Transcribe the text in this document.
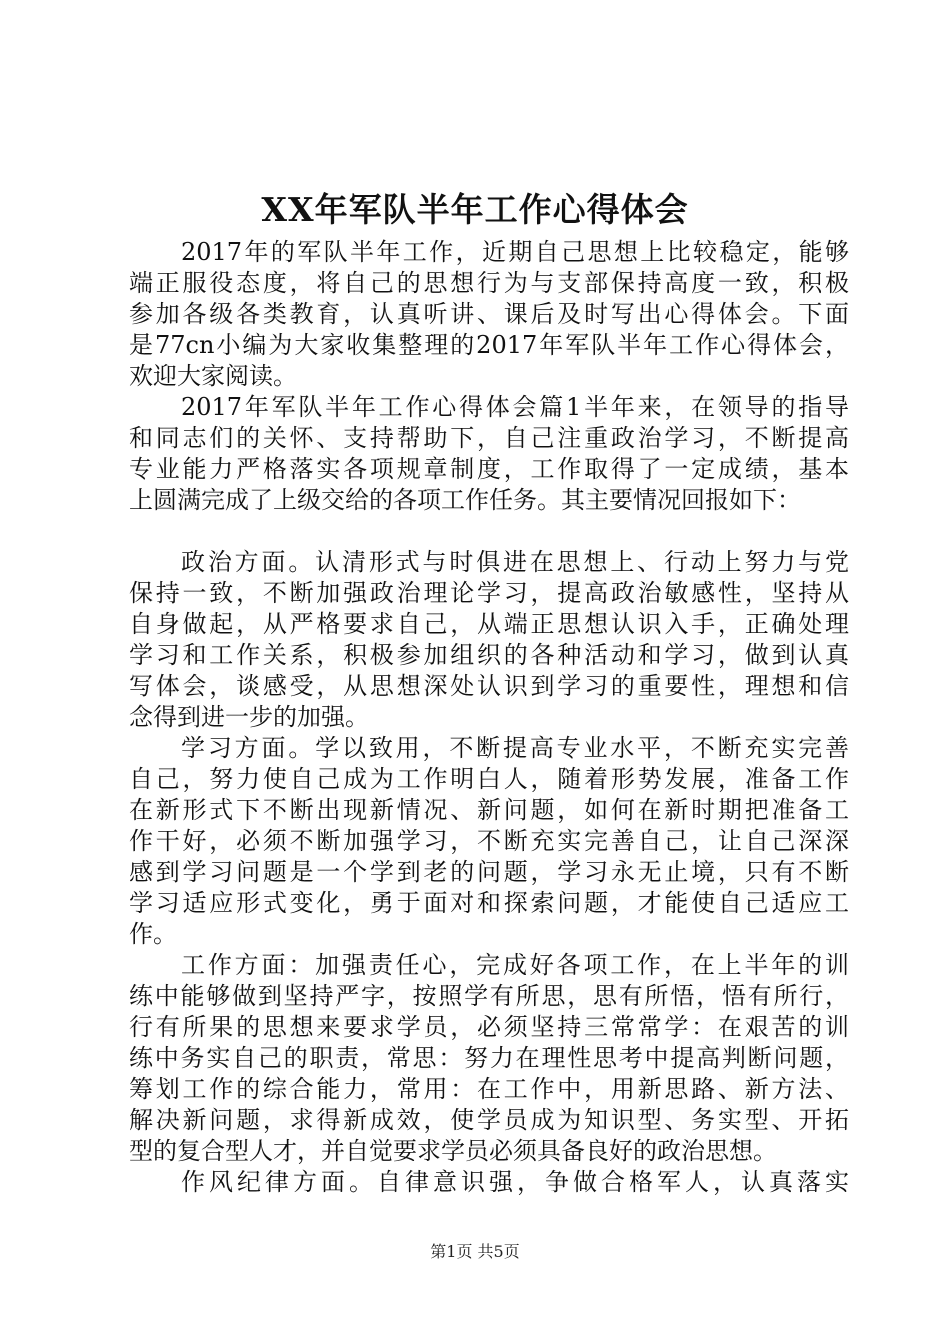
XX年军队半年工作心得体会
2017年的军队半年工作，近期自己思想上比较稳定，能够
端正服役态度，将自己的思想行为与支部保持高度一致，积极
参加各级各类教育，认真听讲、课后及时写出心得体会。下面
是77cn小编为大家收集整理的2017年军队半年工作心得体会，
欢迎大家阅读。
2017年军队半年工作心得体会篇1半年来，在领导的指导
和同志们的关怀、支持帮助下，自己注重政治学习，不断提高
专业能力严格落实各项规章制度，工作取得了一定成绩，基本
上圆满完成了上级交给的各项工作任务。其主要情况回报如下：
政治方面。认清形式与时俱进在思想上、行动上努力与党
保持一致，不断加强政治理论学习，提高政治敏感性，坚持从
自身做起，从严格要求自己，从端正思想认识入手，正确处理
学习和工作关系，积极参加组织的各种活动和学习，做到认真
写体会，谈感受，从思想深处认识到学习的重要性，理想和信
念得到进一步的加强。
学习方面。学以致用，不断提高专业水平，不断充实完善
自己，努力使自己成为工作明白人，随着形势发展，准备工作
在新形式下不断出现新情况、新问题，如何在新时期把准备工
作干好，必须不断加强学习，不断充实完善自己，让自己深深
感到学习问题是一个学到老的问题，学习永无止境，只有不断
学习适应形式变化，勇于面对和探索问题，才能使自己适应工
作。
工作方面：加强责任心，完成好各项工作，在上半年的训
练中能够做到坚持严字，按照学有所思，思有所悟，悟有所行，
行有所果的思想来要求学员，必须坚持三常常学：在艰苦的训
练中务实自己的职责，常思：努力在理性思考中提高判断问题，
筹划工作的综合能力，常用：在工作中，用新思路、新方法、
解决新问题，求得新成效，使学员成为知识型、务实型、开拓
型的复合型人才，并自觉要求学员必须具备良好的政治思想。
作风纪律方面。自律意识强，争做合格军人，认真落实
第1页 共5页
